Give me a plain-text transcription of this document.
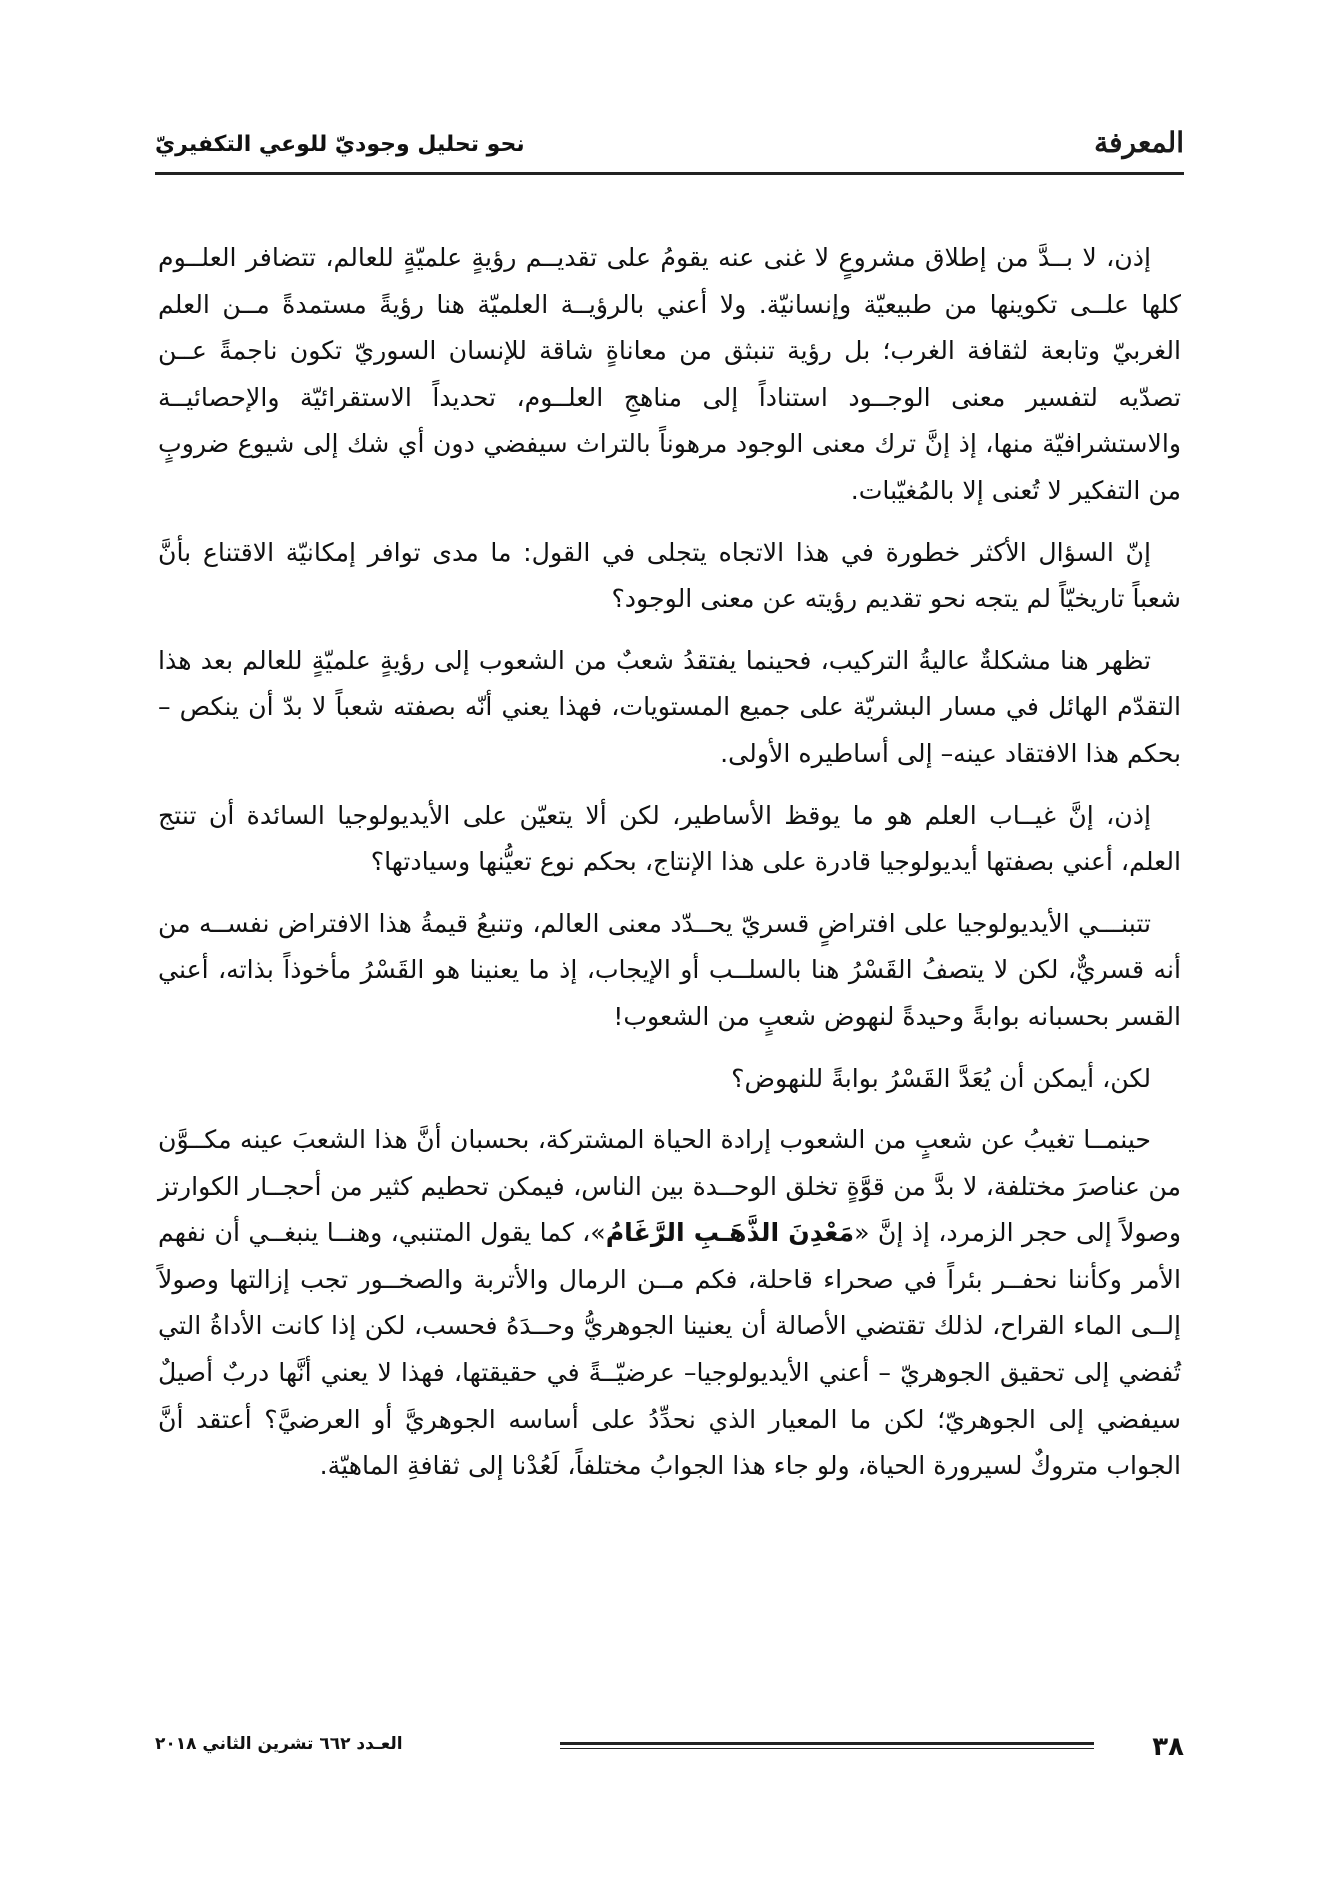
المعرفة
نحو تحليل وجوديّ للوعي التكفيريّ

إذن، لا بــدَّ من إطلاق مشروعٍ لا غنى عنه يقومُ على تقديــم رؤيةٍ علميّةٍ للعالم، تتضافر العلــوم كلها علــى تكوينها من طبيعيّة وإنسانيّة. ولا أعني بالرؤيــة العلميّة هنا رؤيةً مستمدةً مــن العلم الغربيّ وتابعة لثقافة الغرب؛ بل رؤية تنبثق من معاناةٍ شاقة للإنسان السوريّ تكون ناجمةً عــن تصدّيه لتفسير معنى الوجــود استناداً إلى مناهجِ العلــوم، تحديداً الاستقرائيّة والإحصائيــة والاستشرافيّة منها، إذ إنَّ ترك معنى الوجود مرهوناً بالتراث سيفضي دون أي شك إلى شيوع ضروبٍ من التفكير لا تُعنى إلا بالمُغيّبات.

إنّ السؤال الأكثر خطورة في هذا الاتجاه يتجلى في القول: ما مدى توافر إمكانيّة الاقتناع بأنَّ شعباً تاريخيّاً لم يتجه نحو تقديم رؤيته عن معنى الوجود؟

تظهر هنا مشكلةٌ عاليةُ التركيب، فحينما يفتقدُ شعبٌ من الشعوب إلى رؤيةٍ علميّةٍ للعالم بعد هذا التقدّم الهائل في مسار البشريّة على جميع المستويات، فهذا يعني أنّه بصفته شعباً لا بدّ أن ينكص –بحكم هذا الافتقاد عينه– إلى أساطيره الأولى.

إذن، إنَّ غيــاب العلم هو ما يوقظ الأساطير، لكن ألا يتعيّن على الأيديولوجيا السائدة أن تنتج العلم، أعني بصفتها أيديولوجيا قادرة على هذا الإنتاج، بحكم نوع تعيُّنها وسيادتها؟

تتبنـــي الأيديولوجيا على افتراضٍ قسريّ يحــدّد معنى العالم، وتنبعُ قيمةُ هذا الافتراض نفســه من أنه قسريٌّ، لكن لا يتصفُ القَسْرُ هنا بالسلــب أو الإيجاب، إذ ما يعنينا هو القَسْرُ مأخوذاً بذاته، أعني القسر بحسبانه بوابةً وحيدةً لنهوض شعبٍ من الشعوب!

لكن، أيمكن أن يُعَدَّ القَسْرُ بوابةً للنهوض؟

حينمــا تغيبُ عن شعبٍ من الشعوب إرادة الحياة المشتركة، بحسبان أنَّ هذا الشعبَ عينه مكــوَّن من عناصرَ مختلفة، لا بدَّ من قوَّةٍ تخلق الوحــدة بين الناس، فيمكن تحطيم كثير من أحجــار الكوارتز وصولاً إلى حجر الزمرد، إذ إنَّ «مَعْدِنَ الذَّهَـبِ الرَّغَامُ»، كما يقول المتنبي، وهنــا ينبغــي أن نفهم الأمر وكأننا نحفــر بئراً في صحراء قاحلة، فكم مــن الرمال والأتربة والصخــور تجب إزالتها وصولاً إلــى الماء القراح، لذلك تقتضي الأصالة أن يعنينا الجوهريُّ وحــدَهُ فحسب، لكن إذا كانت الأداةُ التي تُفضي إلى تحقيق الجوهريّ – أعني الأيديولوجيا– عرضيّــةً في حقيقتها، فهذا لا يعني أنَّها دربٌ أصيلٌ سيفضي إلى الجوهريّ؛ لكن ما المعيار الذي نحدِّدُ على أساسه الجوهريَّ أو العرضيَّ؟ أعتقد أنَّ الجواب متروكٌ لسيرورة الحياة، ولو جاء هذا الجوابُ مختلفاً، لَعُدْنا إلى ثقافةِ الماهيّة.

٣٨
العـدد ٦٦٢ تشرين الثاني ٢٠١٨
